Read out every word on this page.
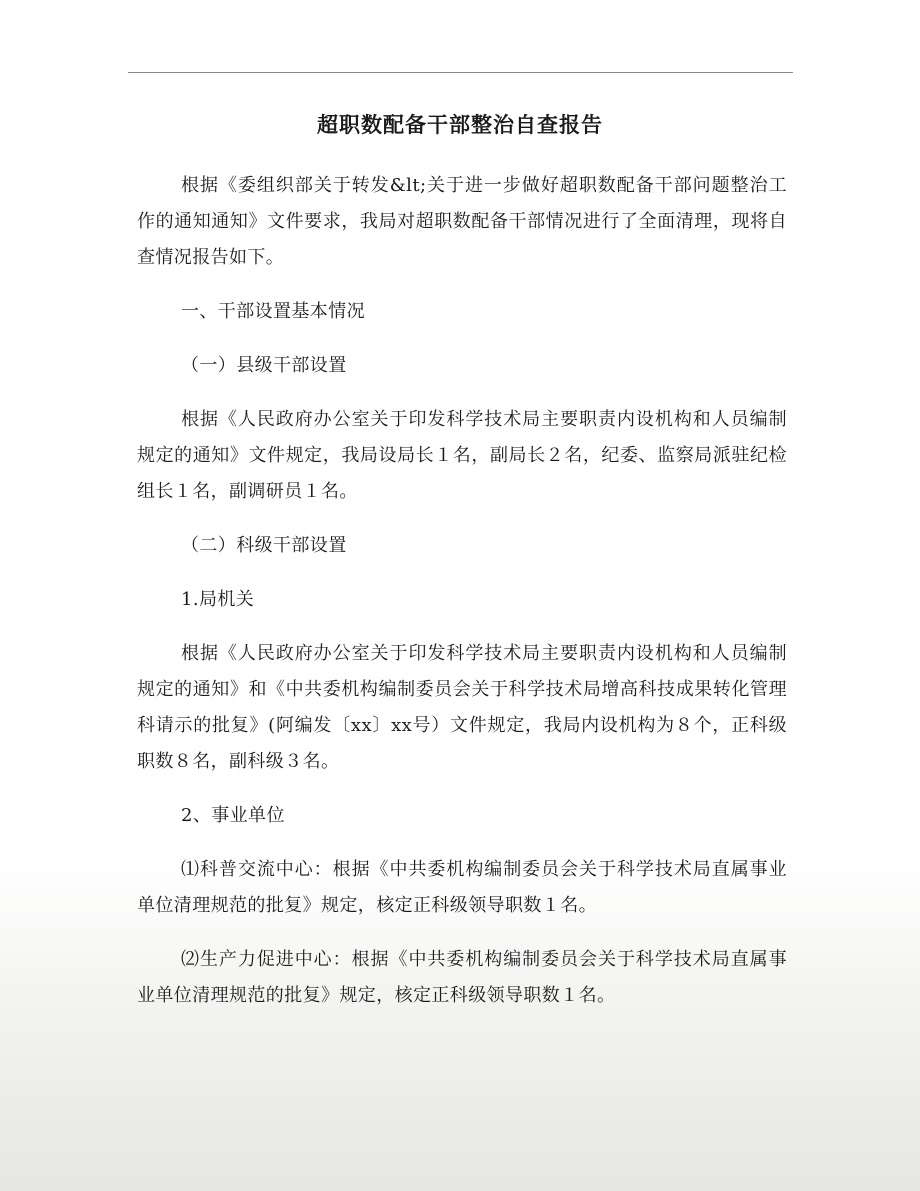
超职数配备干部整治自查报告

根据《委组织部关于转发&lt;关于进一步做好超职数配备干部问题整治工作的通知通知》文件要求，我局对超职数配备干部情况进行了全面清理，现将自查情况报告如下。

一、干部设置基本情况

（一）县级干部设置

根据《人民政府办公室关于印发科学技术局主要职责内设机构和人员编制规定的通知》文件规定，我局设局长１名，副局长２名，纪委、监察局派驻纪检组长１名，副调研员１名。

（二）科级干部设置

1.局机关

根据《人民政府办公室关于印发科学技术局主要职责内设机构和人员编制规定的通知》和《中共委机构编制委员会关于科学技术局增高科技成果转化管理科请示的批复》(阿编发〔xx〕xx号）文件规定，我局内设机构为８个，正科级职数８名，副科级３名。

2、事业单位

⑴科普交流中心：根据《中共委机构编制委员会关于科学技术局直属事业单位清理规范的批复》规定，核定正科级领导职数１名。

⑵生产力促进中心：根据《中共委机构编制委员会关于科学技术局直属事业单位清理规范的批复》规定，核定正科级领导职数１名。
